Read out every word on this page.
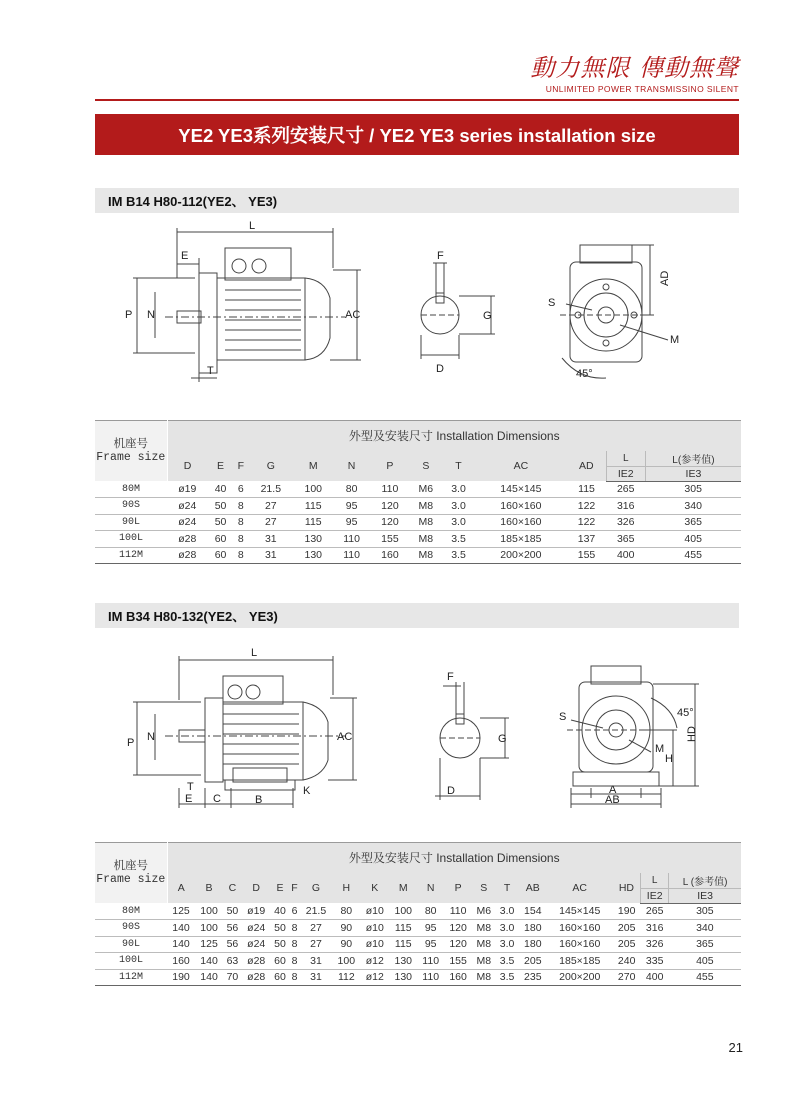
動力無限 傳動無聲
UNLIMITED POWER TRANSMISSINO SILENT
YE2 YE3系列安装尺寸 / YE2 YE3 series installation size
IM B14 H80-112(YE2、 YE3)
L
E
P N	AC
T
F
G
D
S
M
45°
AD
机座号
Frame size	外型及安装尺寸 Installation Dimensions												
	D	E	F	G	M	N	P	S	T	AC	AD	L	L(参考值)
												IE2	IE3
80M	ø19	40	6	21.5	100	80	110	M6	3.0	145×145	115	265	305
90S	ø24	50	8	27	115	95	120	M8	3.0	160×160	122	316	340
90L	ø24	50	8	27	115	95	120	M8	3.0	160×160	122	326	365
100L	ø28	60	8	31	130	110	155	M8	3.5	185×185	137	365	405
112M	ø28	60	8	31	130	110	160	M8	3.5	200×200	155	400	455
IM B34 H80-132(YE2、 YE3)
L
P N	AC
T
E C	B
K
F
G
D
S
M
H
45°
HD
A
AB
机座号
Frame size	外型及安装尺寸 Installation Dimensions																		
	A	B	C	D	E	F	G	H	K	M	N	P	S	T	AB	AC	HD	L	L (参考值)
																		IE2	IE3
80M	125	100	50	ø19	40	6	21.5	80	ø10	100	80	110	M6	3.0	154	145×145	190	265	305
90S	140	100	56	ø24	50	8	27	90	ø10	115	95	120	M8	3.0	180	160×160	205	316	340
90L	140	125	56	ø24	50	8	27	90	ø10	115	95	120	M8	3.0	180	160×160	205	326	365
100L	160	140	63	ø28	60	8	31	100	ø12	130	110	155	M8	3.5	205	185×185	240	335	405
112M	190	140	70	ø28	60	8	31	112	ø12	130	110	160	M8	3.5	235	200×200	270	400	455
21
